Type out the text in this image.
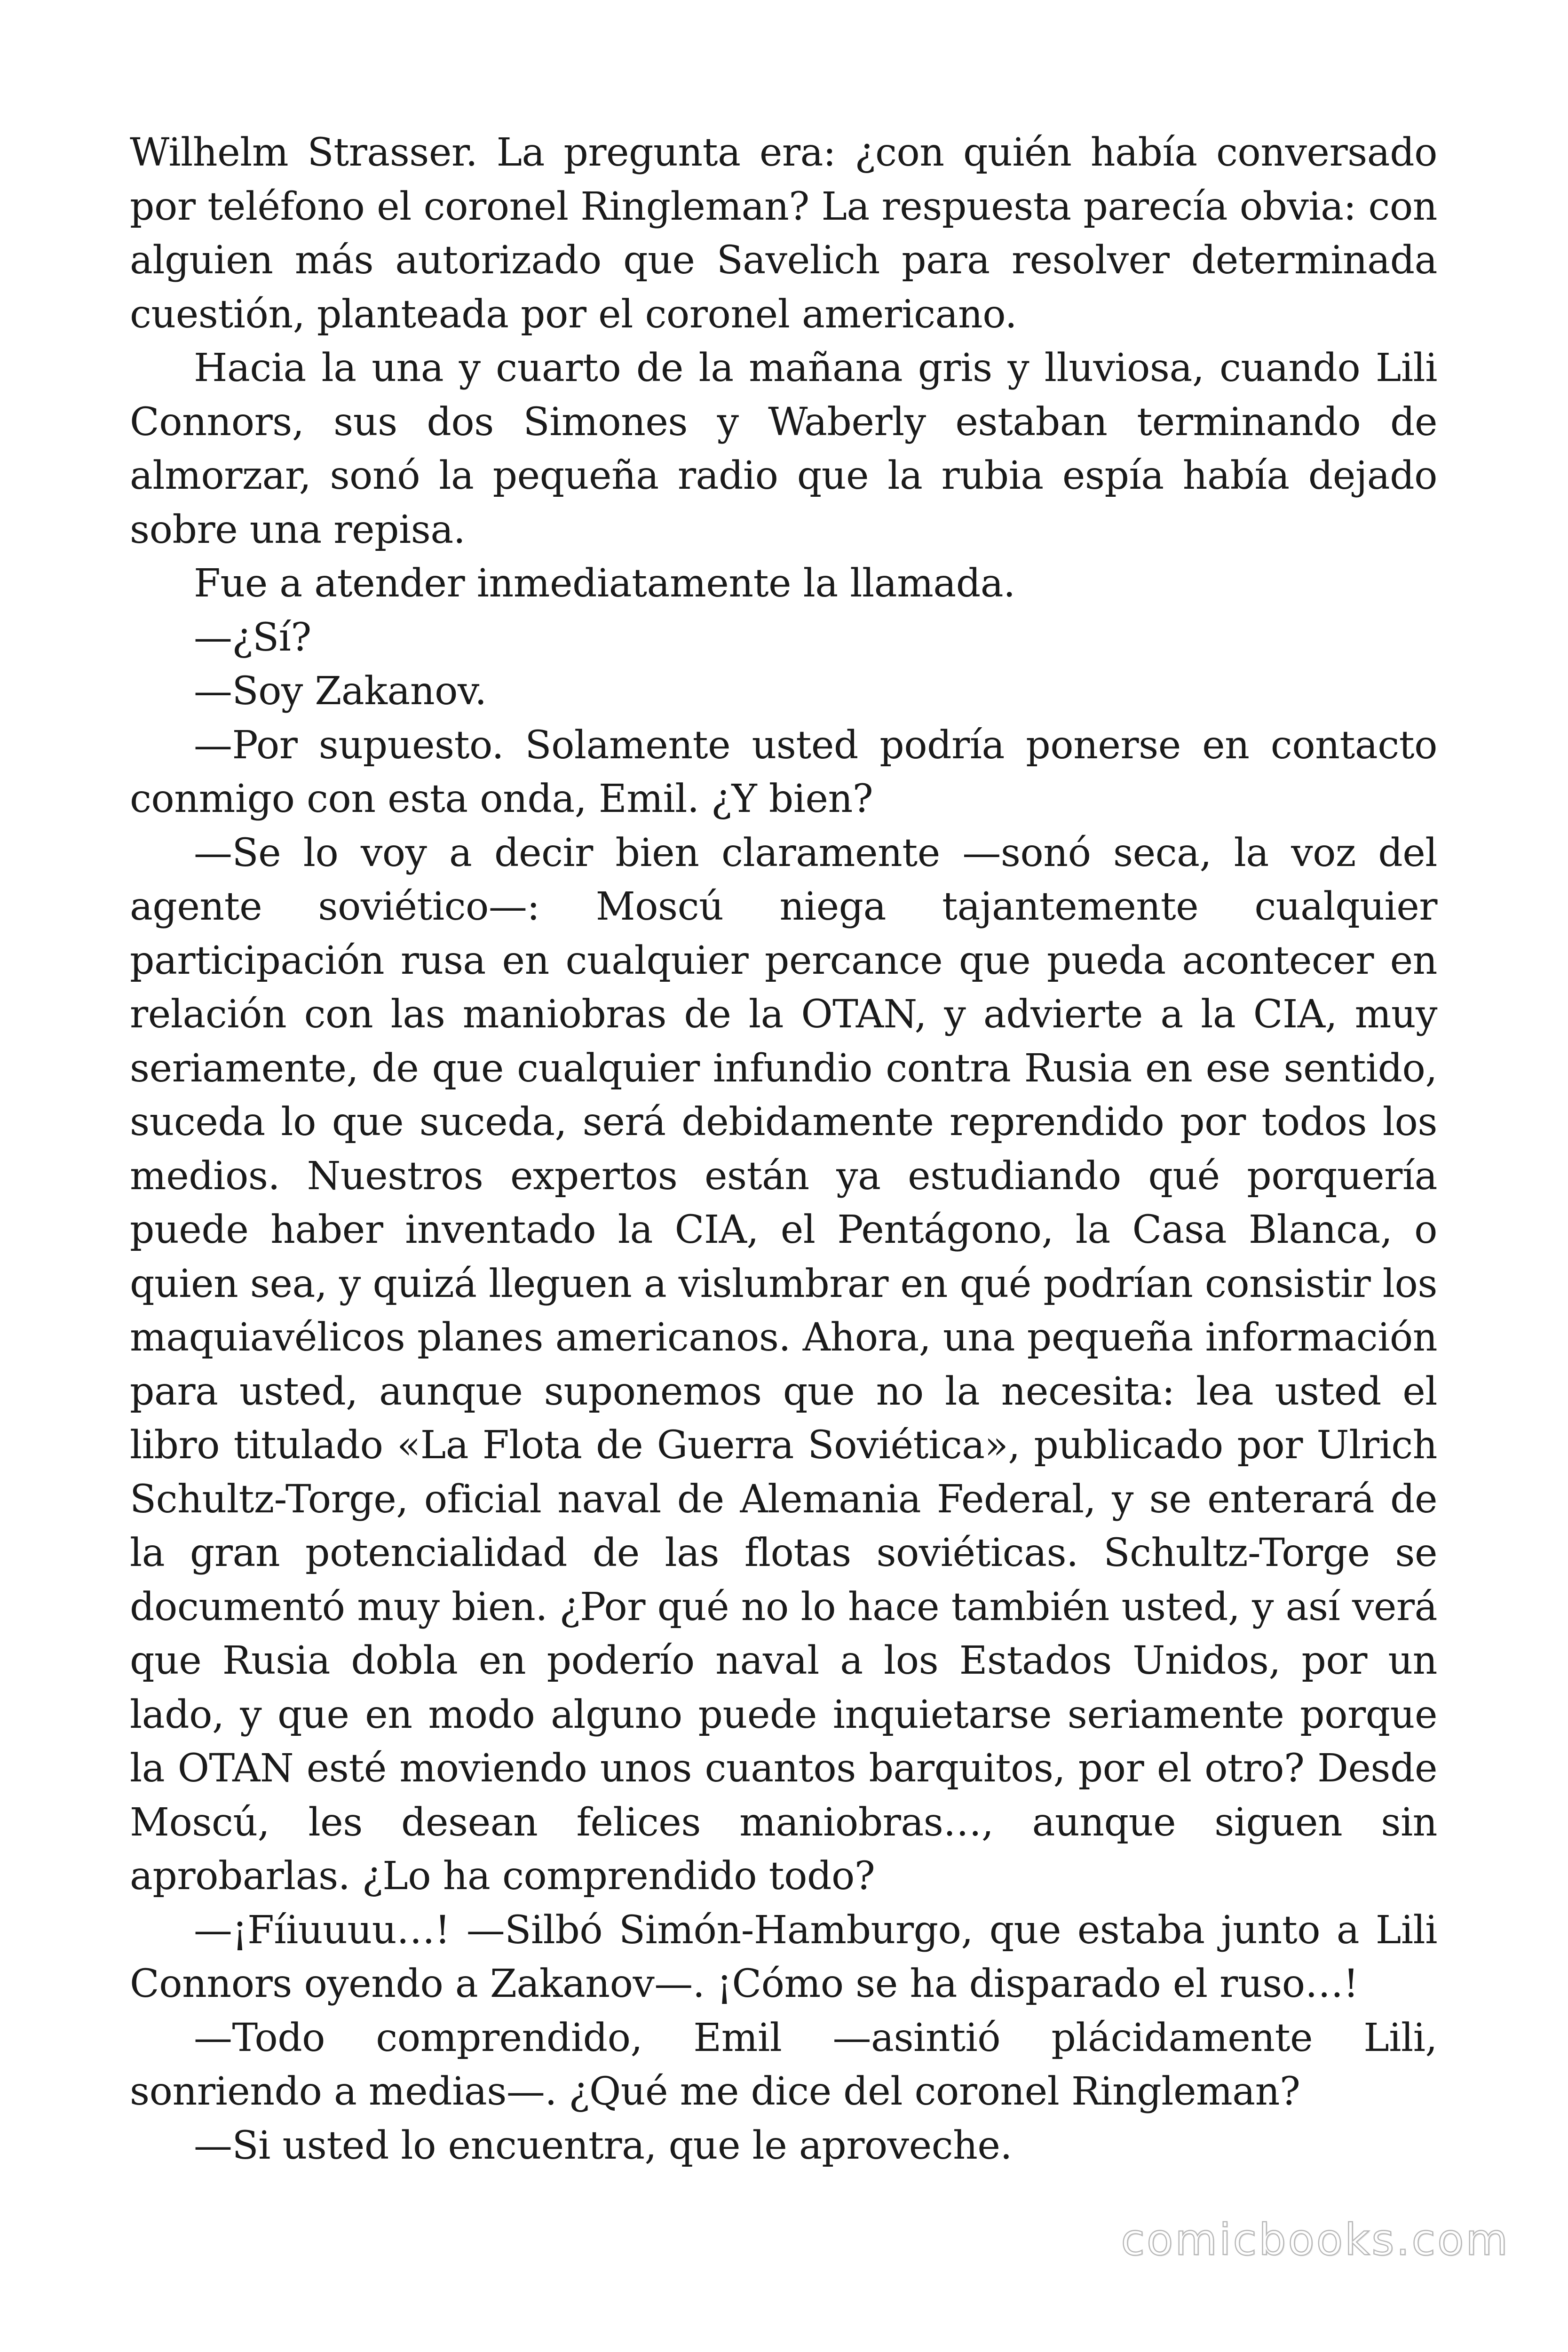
Wilhelm Strasser. La pregunta era: ¿con quién había conversado por teléfono el coronel Ringleman? La respuesta parecía obvia: con alguien más autorizado que Savelich para resolver determinada cuestión, planteada por el coronel americano.

Hacia la una y cuarto de la mañana gris y lluviosa, cuando Lili Connors, sus dos Simones y Waberly estaban terminando de almorzar, sonó la pequeña radio que la rubia espía había dejado sobre una repisa.

Fue a atender inmediatamente la llamada.

—¿Sí?

—Soy Zakanov.

—Por supuesto. Solamente usted podría ponerse en contacto conmigo con esta onda, Emil. ¿Y bien?

—Se lo voy a decir bien claramente —sonó seca, la voz del agente soviético—: Moscú niega tajantemente cualquier participación rusa en cualquier percance que pueda acontecer en relación con las maniobras de la OTAN, y advierte a la CIA, muy seriamente, de que cualquier infundio contra Rusia en ese sentido, suceda lo que suceda, será debidamente reprendido por todos los medios. Nuestros expertos están ya estudiando qué porquería puede haber inventado la CIA, el Pentágono, la Casa Blanca, o quien sea, y quizá lleguen a vislumbrar en qué podrían consistir los maquiavélicos planes americanos. Ahora, una pequeña información para usted, aunque suponemos que no la necesita: lea usted el libro titulado «La Flota de Guerra Soviética», publicado por Ulrich Schultz-Torge, oficial naval de Alemania Federal, y se enterará de la gran potencialidad de las flotas soviéticas. Schultz-Torge se documentó muy bien. ¿Por qué no lo hace también usted, y así verá que Rusia dobla en poderío naval a los Estados Unidos, por un lado, y que en modo alguno puede inquietarse seriamente porque la OTAN esté moviendo unos cuantos barquitos, por el otro? Desde Moscú, les desean felices maniobras…, aunque siguen sin aprobarlas. ¿Lo ha comprendido todo?

—¡Fíiuuuu…! —Silbó Simón-Hamburgo, que estaba junto a Lili Connors oyendo a Zakanov—. ¡Cómo se ha disparado el ruso…!

—Todo comprendido, Emil —asintió plácidamente Lili, sonriendo a medias—. ¿Qué me dice del coronel Ringleman?

—Si usted lo encuentra, que le aproveche.

comicbooks.com
